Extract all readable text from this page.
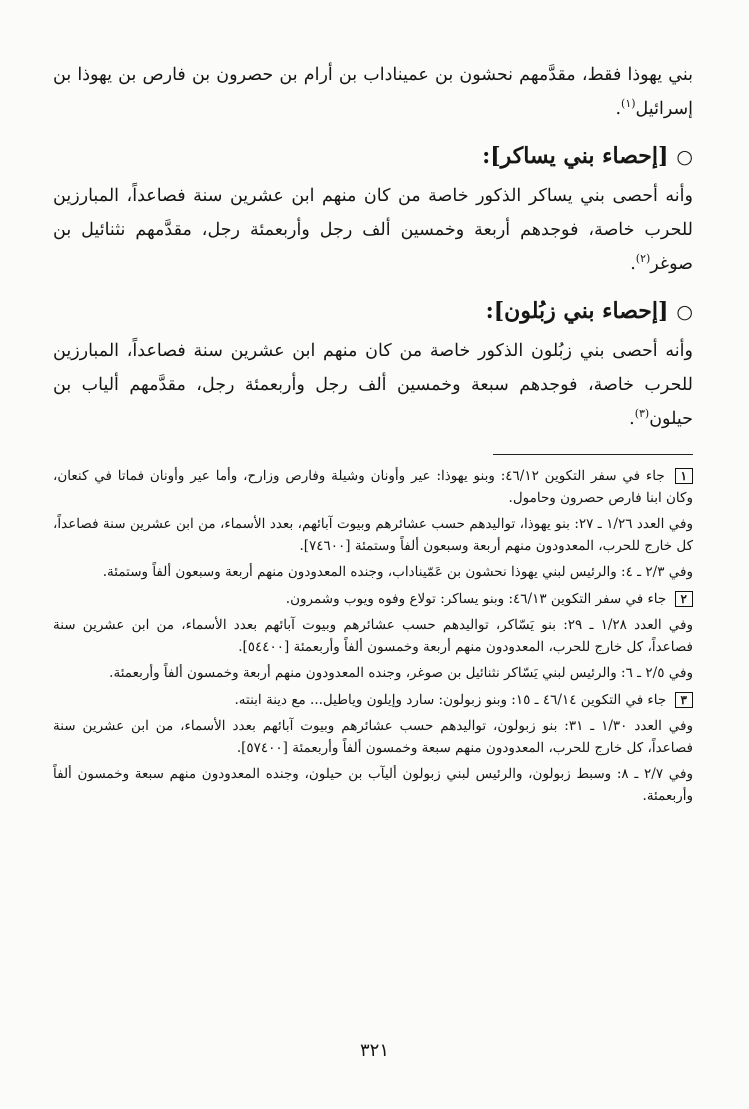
بني يهوذا فقط، مقدَّمهم نحشون بن عميناداب بن أرام بن حصرون بن فارص بن يهوذا بن إسرائيل$^{(١)}$.

○[إحصاء بني يساكر]:

وأنه أحصى بني يساكر الذكور خاصة من كان منهم ابن عشرين سنة فصاعداً، المبارزين للحرب خاصة، فوجدهم أربعة وخمسين ألف رجل وأربعمئة رجل، مقدَّمهم نثنائيل بن صوغر$^{(٢)}$.

○[إحصاء بني زبُلون]:

وأنه أحصى بني زبُلون الذكور خاصة من كان منهم ابن عشرين سنة فصاعداً، المبارزين للحرب خاصة، فوجدهم سبعة وخمسين ألف رجل وأربعمئة رجل، مقدَّمهم ألياب بن حيلون$^{(٣)}$.

١ جاء في سفر التكوين ٤٦/١٢: وبنو يهوذا: عير وأونان وشيلة وفارص وزارح، وأما عير وأونان فماتا في كنعان، وكان ابنا فارص حصرون وحامول.

وفي العدد ١/٢٦ ـ ٢٧: بنو يهوذا، تواليدهم حسب عشائرهم وبيوت آبائهم، بعدد الأسماء، من ابن عشرين سنة فصاعداً، كل خارج للحرب، المعدودون منهم أربعة وسبعون ألفاً وستمئة [٧٤٦٠٠].

وفي ٢/٣ ـ ٤: والرئيس لبني يهوذا نحشون بن عَمّيناداب، وجنده المعدودون منهم أربعة وسبعون ألفاً وستمئة.

٢ جاء في سفر التكوين ٤٦/١٣: وبنو يساكر: تولاع وفوه ويوب وشمرون.

وفي العدد ١/٢٨ ـ ٢٩: بنو يَسّاكر، تواليدهم حسب عشائرهم وبيوت آبائهم بعدد الأسماء، من ابن عشرين سنة فصاعداً، كل خارج للحرب، المعدودون منهم أربعة وخمسون ألفاً وأربعمئة [٥٤٤٠٠].

وفي ٢/٥ ـ ٦: والرئيس لبني يَسّاكر نثنائيل بن صوغر، وجنده المعدودون منهم أربعة وخمسون ألفاً وأربعمئة.

٣ جاء في التكوين ٤٦/١٤ ـ ١٥: وبنو زبولون: سارد وإيلون وياطيل... مع دينة ابنته.

وفي العدد ١/٣٠ ـ ٣١: بنو زبولون، تواليدهم حسب عشائرهم وبيوت آبائهم بعدد الأسماء، من ابن عشرين سنة فصاعداً، كل خارج للحرب، المعدودون منهم سبعة وخمسون ألفاً وأربعمئة [٥٧٤٠٠].

وفي ٢/٧ ـ ٨: وسبط زبولون، والرئيس لبني زبولون أليآب بن حيلون، وجنده المعدودون منهم سبعة وخمسون ألفاً وأربعمئة.

٣٢١
